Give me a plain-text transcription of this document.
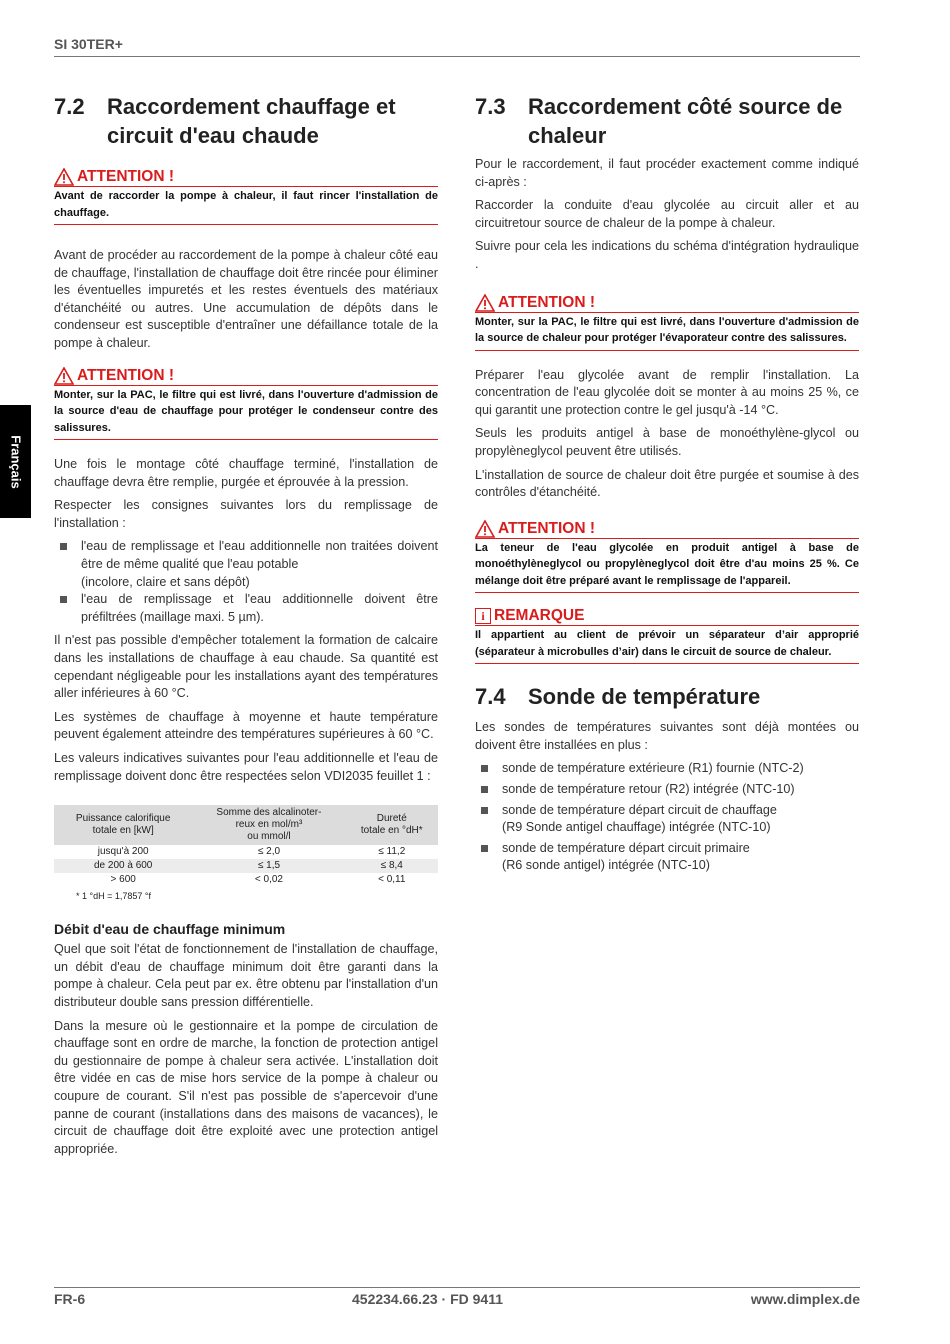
SI 30TER+
Français
7.2	Raccordement chauffage et circuit d'eau chaude
ATTENTION !

Avant de raccorder la pompe à chaleur, il faut rincer l'installation de chauffage.

Avant de procéder au raccordement de la pompe à chaleur côté eau de chauffage, l'installation de chauffage doit être rincée pour éliminer les éventuelles impuretés et les restes éventuels des matériaux d'étanchéité ou autres. Une accumulation de dépôts dans le condenseur est susceptible d'entraîner une défaillance totale de la pompe à chaleur.

ATTENTION !

Monter, sur la PAC, le filtre qui est livré, dans l'ouverture d'admission de la source d'eau de chauffage pour protéger le condenseur contre des salissures.

Une fois le montage côté chauffage terminé, l'installation de chauffage devra être remplie, purgée et éprouvée à la pression.

Respecter les consignes suivantes lors du remplissage de l'installation :

l'eau de remplissage et l'eau additionnelle non traitées doivent être de même qualité que l'eau potable
(incolore, claire et sans dépôt)
l'eau de remplissage et l'eau additionnelle doivent être préfiltrées (maillage maxi. 5 µm).

Il n'est pas possible d'empêcher totalement la formation de calcaire dans les installations de chauffage à eau chaude. Sa quantité est cependant négligeable pour les installations ayant des températures aller inférieures à 60 °C.

Les systèmes de chauffage à moyenne et haute température peuvent également atteindre des températures supérieures à 60 °C.

Les valeurs indicatives suivantes pour l'eau additionnelle et l'eau de remplissage doivent donc être respectées selon VDI2035 feuillet 1 :

Puissance calorifique
totale en [kW]	Somme des alcalinoter-
reux en mol/m³
ou mmol/l	Dureté
totale en °dH*
jusqu'à 200	≤ 2,0	≤ 11,2
de 200 à 600	≤ 1,5	≤ 8,4
> 600	< 0,02	< 0,11
* 1 °dH = 1,7857 °f
Débit d'eau de chauffage minimum

Quel que soit l'état de fonctionnement de l'installation de chauffage, un débit d'eau de chauffage minimum doit être garanti dans la pompe à chaleur. Cela peut par ex. être obtenu par l'installation d'un distributeur double sans pression différentielle.

Dans la mesure où le gestionnaire et la pompe de circulation de chauffage sont en ordre de marche, la fonction de protection antigel du gestionnaire de pompe à chaleur sera activée. L'installation doit être vidée en cas de mise hors service de la pompe à chaleur ou coupure de courant. S'il n'est pas possible de s'apercevoir d'une panne de courant (installations dans des maisons de vacances), le circuit de chauffage doit être exploité avec une protection antigel appropriée.

7.3	Raccordement côté source de chaleur

Pour le raccordement, il faut procéder exactement comme indiqué ci-après :

Raccorder la conduite d'eau glycolée au circuit aller et au circuitretour source de chaleur de la pompe à chaleur.

Suivre pour cela les indications du schéma d'intégration hydraulique .

ATTENTION !

Monter, sur la PAC, le filtre qui est livré, dans l'ouverture d'admission de la source de chaleur pour protéger l'évaporateur contre des salissures.

Préparer l'eau glycolée avant de remplir l'installation. La concentration de l'eau glycolée doit se monter à au moins 25 %, ce qui garantit une protection contre le gel jusqu'à -14 °C.

Seuls les produits antigel à base de monoéthylène-glycol ou propylèneglycol peuvent être utilisés.

L'installation de source de chaleur doit être purgée et soumise à des contrôles d'étanchéité.

ATTENTION !

La teneur de l'eau glycolée en produit antigel à base de monoéthylèneglycol ou propylèneglycol doit être d'au moins 25 %. Ce mélange doit être préparé avant le remplissage de l'appareil.

i REMARQUE

Il appartient au client de prévoir un séparateur d’air approprié (séparateur à microbulles d’air) dans le circuit de source de chaleur.

7.4	Sonde de température

Les sondes de températures suivantes sont déjà montées ou doivent être installées en plus :

sonde de température extérieure (R1) fournie (NTC-2)
sonde de température retour (R2) intégrée (NTC-10)
sonde de température départ circuit de chauffage
(R9 Sonde antigel chauffage) intégrée (NTC-10)
sonde de température départ circuit primaire
(R6 sonde antigel) intégrée (NTC-10)
FR-6	452234.66.23 · FD 9411	www.dimplex.de
